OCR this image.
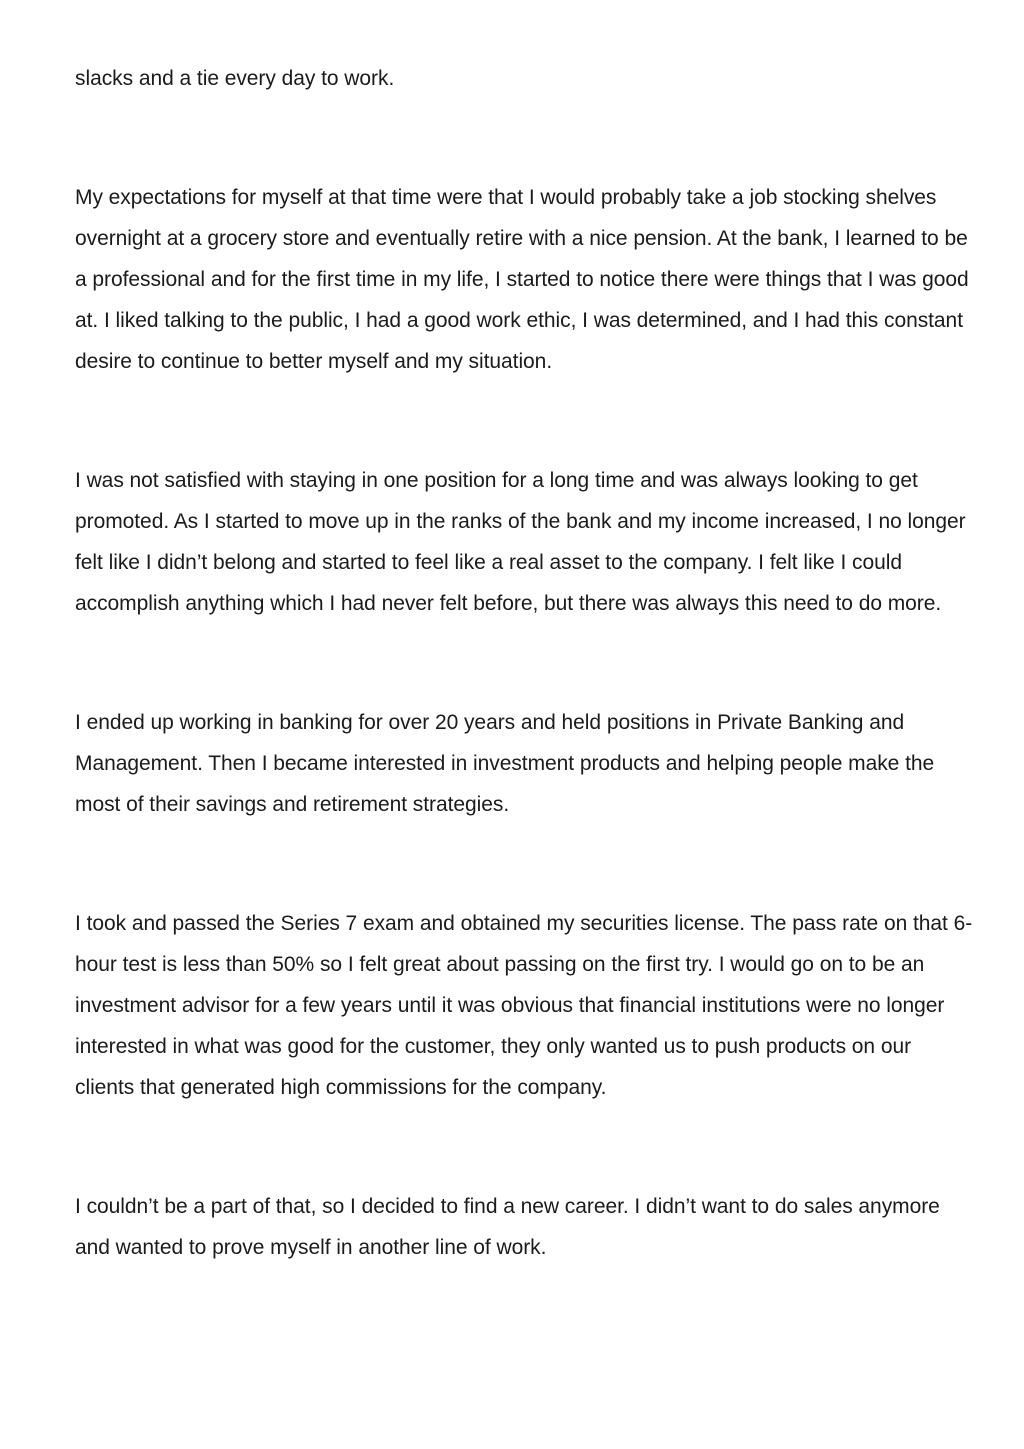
slacks and a tie every day to work.

My expectations for myself at that time were that I would probably take a job stocking shelves overnight at a grocery store and eventually retire with a nice pension. At the bank, I learned to be a professional and for the first time in my life, I started to notice there were things that I was good at. I liked talking to the public, I had a good work ethic, I was determined, and I had this constant desire to continue to better myself and my situation.

I was not satisfied with staying in one position for a long time and was always looking to get promoted. As I started to move up in the ranks of the bank and my income increased, I no longer felt like I didn’t belong and started to feel like a real asset to the company. I felt like I could accomplish anything which I had never felt before, but there was always this need to do more.

I ended up working in banking for over 20 years and held positions in Private Banking and Management. Then I became interested in investment products and helping people make the most of their savings and retirement strategies.

I took and passed the Series 7 exam and obtained my securities license. The pass rate on that 6-hour test is less than 50% so I felt great about passing on the first try. I would go on to be an investment advisor for a few years until it was obvious that financial institutions were no longer interested in what was good for the customer, they only wanted us to push products on our clients that generated high commissions for the company.

I couldn’t be a part of that, so I decided to find a new career. I didn’t want to do sales anymore and wanted to prove myself in another line of work.
